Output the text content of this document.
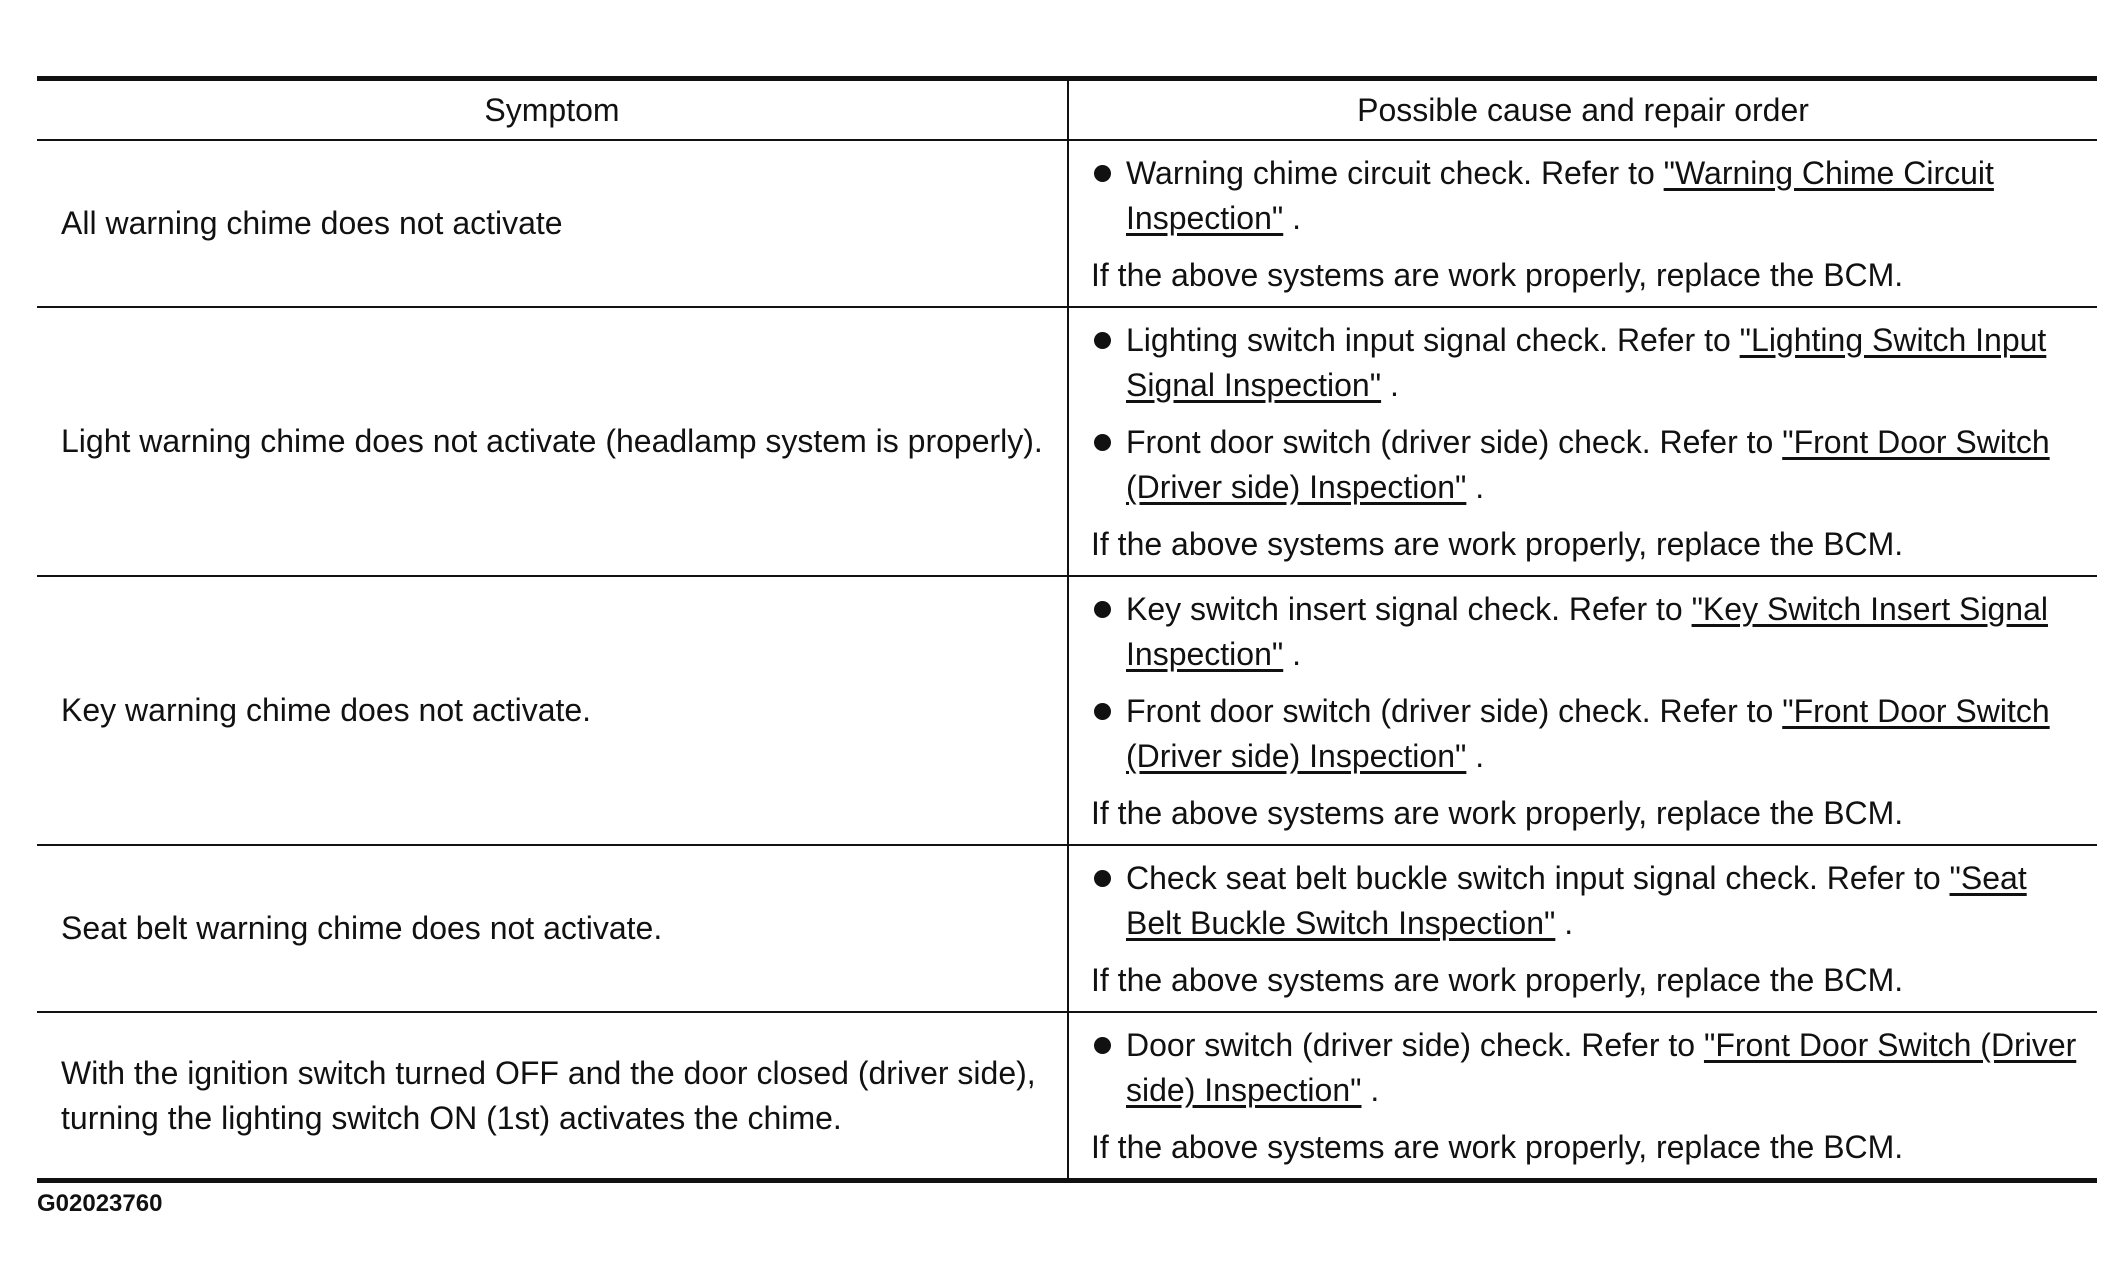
Symptom	Possible cause and repair order
All warning chime does not activate	Warning chime circuit check. Refer to "Warning Chime Circuit Inspection" .

If the above systems are work properly, replace the BCM.

Light warning chime does not activate (headlamp system is properly).	Lighting switch input signal check. Refer to "Lighting Switch Input Signal Inspection" .
Front door switch (driver side) check. Refer to "Front Door Switch (Driver side) Inspection" .

If the above systems are work properly, replace the BCM.

Key warning chime does not activate.	Key switch insert signal check. Refer to "Key Switch Insert Signal Inspection" .
Front door switch (driver side) check. Refer to "Front Door Switch (Driver side) Inspection" .

If the above systems are work properly, replace the BCM.

Seat belt warning chime does not activate.	Check seat belt buckle switch input signal check. Refer to "Seat Belt Buckle Switch Inspection" .

If the above systems are work properly, replace the BCM.

With the ignition switch turned OFF and the door closed (driver side), turning the lighting switch ON (1st) activates the chime.	Door switch (driver side) check. Refer to "Front Door Switch (Driver side) Inspection" .

If the above systems are work properly, replace the BCM.

G02023760
